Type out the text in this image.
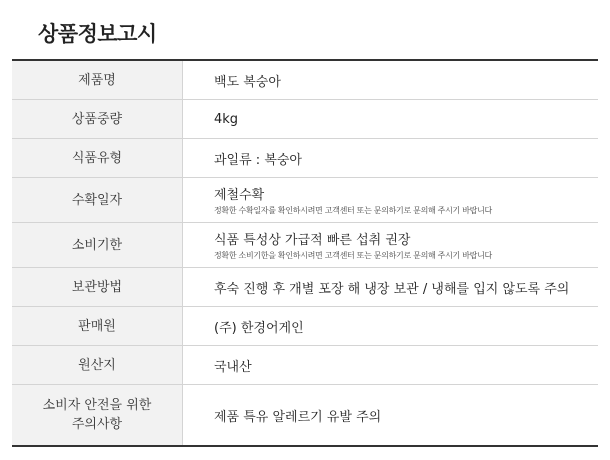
상품정보고시
제품명	백도 복숭아
상품중량	4kg
식품유형	과일류 : 복숭아
수확일자	제철수확
정확한 수확일자를 확인하시려면 고객센터 또는 문의하기로 문의해 주시기 바랍니다
소비기한	식품 특성상 가급적 빠른 섭취 권장
정확한 소비기한을 확인하시려면 고객센터 또는 문의하기로 문의해 주시기 바랍니다
보관방법	후숙 진행 후 개별 포장 해 냉장 보관 / 냉해를 입지 않도록 주의
판매원	(주) 한경어게인
원산지	국내산
소비자 안전을 위한
주의사항	제품 특유 알레르기 유발 주의
